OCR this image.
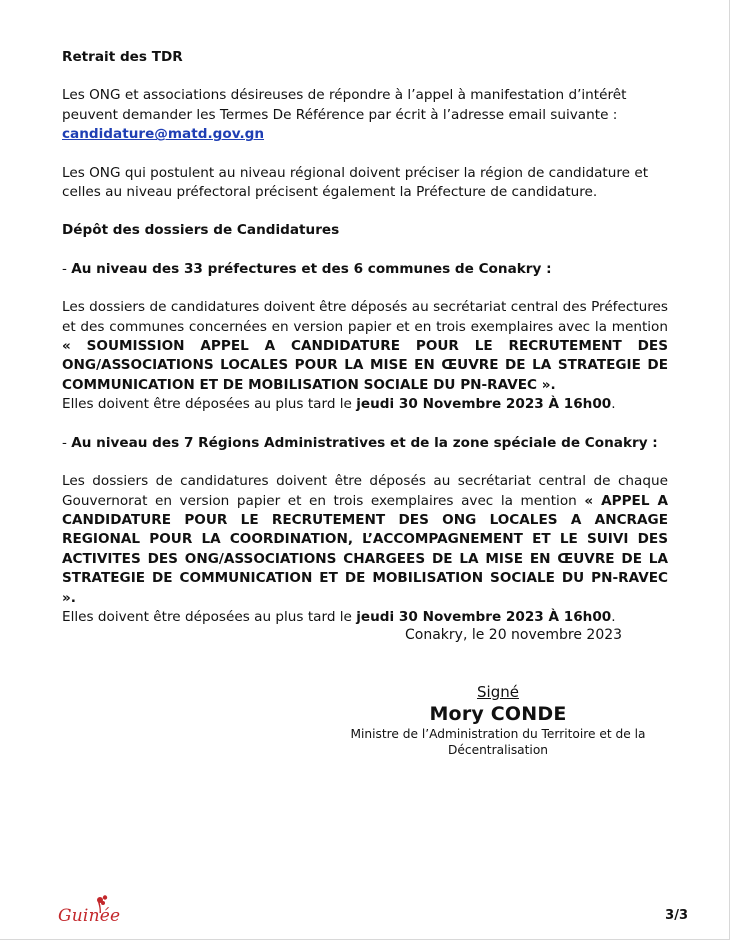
Retrait des TDR

Les ONG et associations désireuses de répondre à l’appel à manifestation d’intérêt peuvent demander les Termes De Référence par écrit à l’adresse email suivante :
candidature@matd.gov.gn

Les ONG qui postulent au niveau régional doivent préciser la région de candidature et celles au niveau préfectoral précisent également la Préfecture de candidature.

Dépôt des dossiers de Candidatures

- Au niveau des 33 préfectures et des 6 communes de Conakry :

Les dossiers de candidatures doivent être déposés au secrétariat central des Préfectures et des communes concernées en version papier et en trois exemplaires avec la mention « SOUMISSION APPEL A CANDIDATURE POUR LE RECRUTEMENT DES ONG/ASSOCIATIONS LOCALES POUR LA MISE EN ŒUVRE DE LA STRATEGIE DE COMMUNICATION ET DE MOBILISATION SOCIALE DU PN-RAVEC ».
Elles doivent être déposées au plus tard le jeudi 30 Novembre 2023 À 16h00.

- Au niveau des 7 Régions Administratives et de la zone spéciale de Conakry :

Les dossiers de candidatures doivent être déposés au secrétariat central de chaque Gouvernorat en version papier et en trois exemplaires avec la mention « APPEL A CANDIDATURE POUR LE RECRUTEMENT DES ONG LOCALES A ANCRAGE REGIONAL POUR LA COORDINATION, L’ACCOMPAGNEMENT ET LE SUIVI DES ACTIVITES DES ONG/ASSOCIATIONS CHARGEES DE LA MISE EN ŒUVRE DE LA STRATEGIE DE COMMUNICATION ET DE MOBILISATION SOCIALE DU PN-RAVEC ».
Elles doivent être déposées au plus tard le jeudi 30 Novembre 2023 À 16h00.

Conakry, le 20 novembre 2023
Signé
Mory CONDE
Ministre de l’Administration du Territoire et de la Décentralisation
Guinée	3/3
